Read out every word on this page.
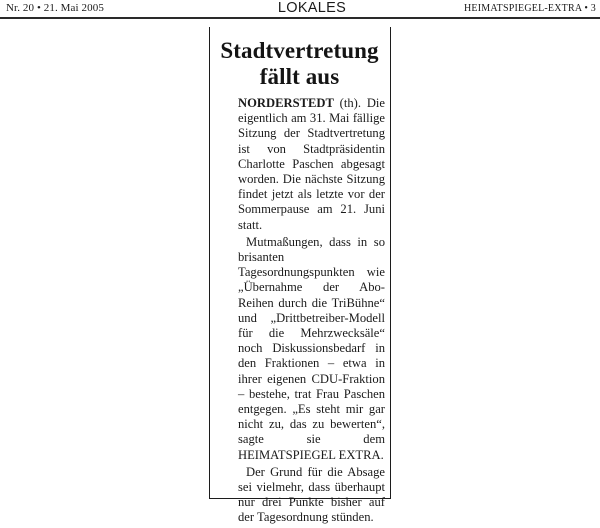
Nr. 20 • 21. Mai 2005	LOKALES	HEIMATSPIEGEL-EXTRA • 3
Stadtvertretung
fällt aus

NORDERSTEDT (th). Die eigentlich am 31. Mai fällige Sitzung der Stadtvertretung ist von Stadtpräsidentin Charlotte Paschen abgesagt worden. Die nächste Sitzung findet jetzt als letzte vor der Sommerpause am 21. Juni statt.

Mutmaßungen, dass in so brisanten Tagesordnungspunkten wie „Übernahme der Abo-Reihen durch die TriBühne“ und „Drittbetreiber-Modell für die Mehrzwecksäle“ noch Diskussionsbedarf in den Fraktionen – etwa in ihrer eigenen CDU-Fraktion – bestehe, trat Frau Paschen entgegen. „Es steht mir gar nicht zu, das zu bewerten“, sagte sie dem HEIMATSPIEGEL EXTRA.

Der Grund für die Absage sei vielmehr, dass überhaupt nur drei Punkte bisher auf der Tagesordnung stünden.
